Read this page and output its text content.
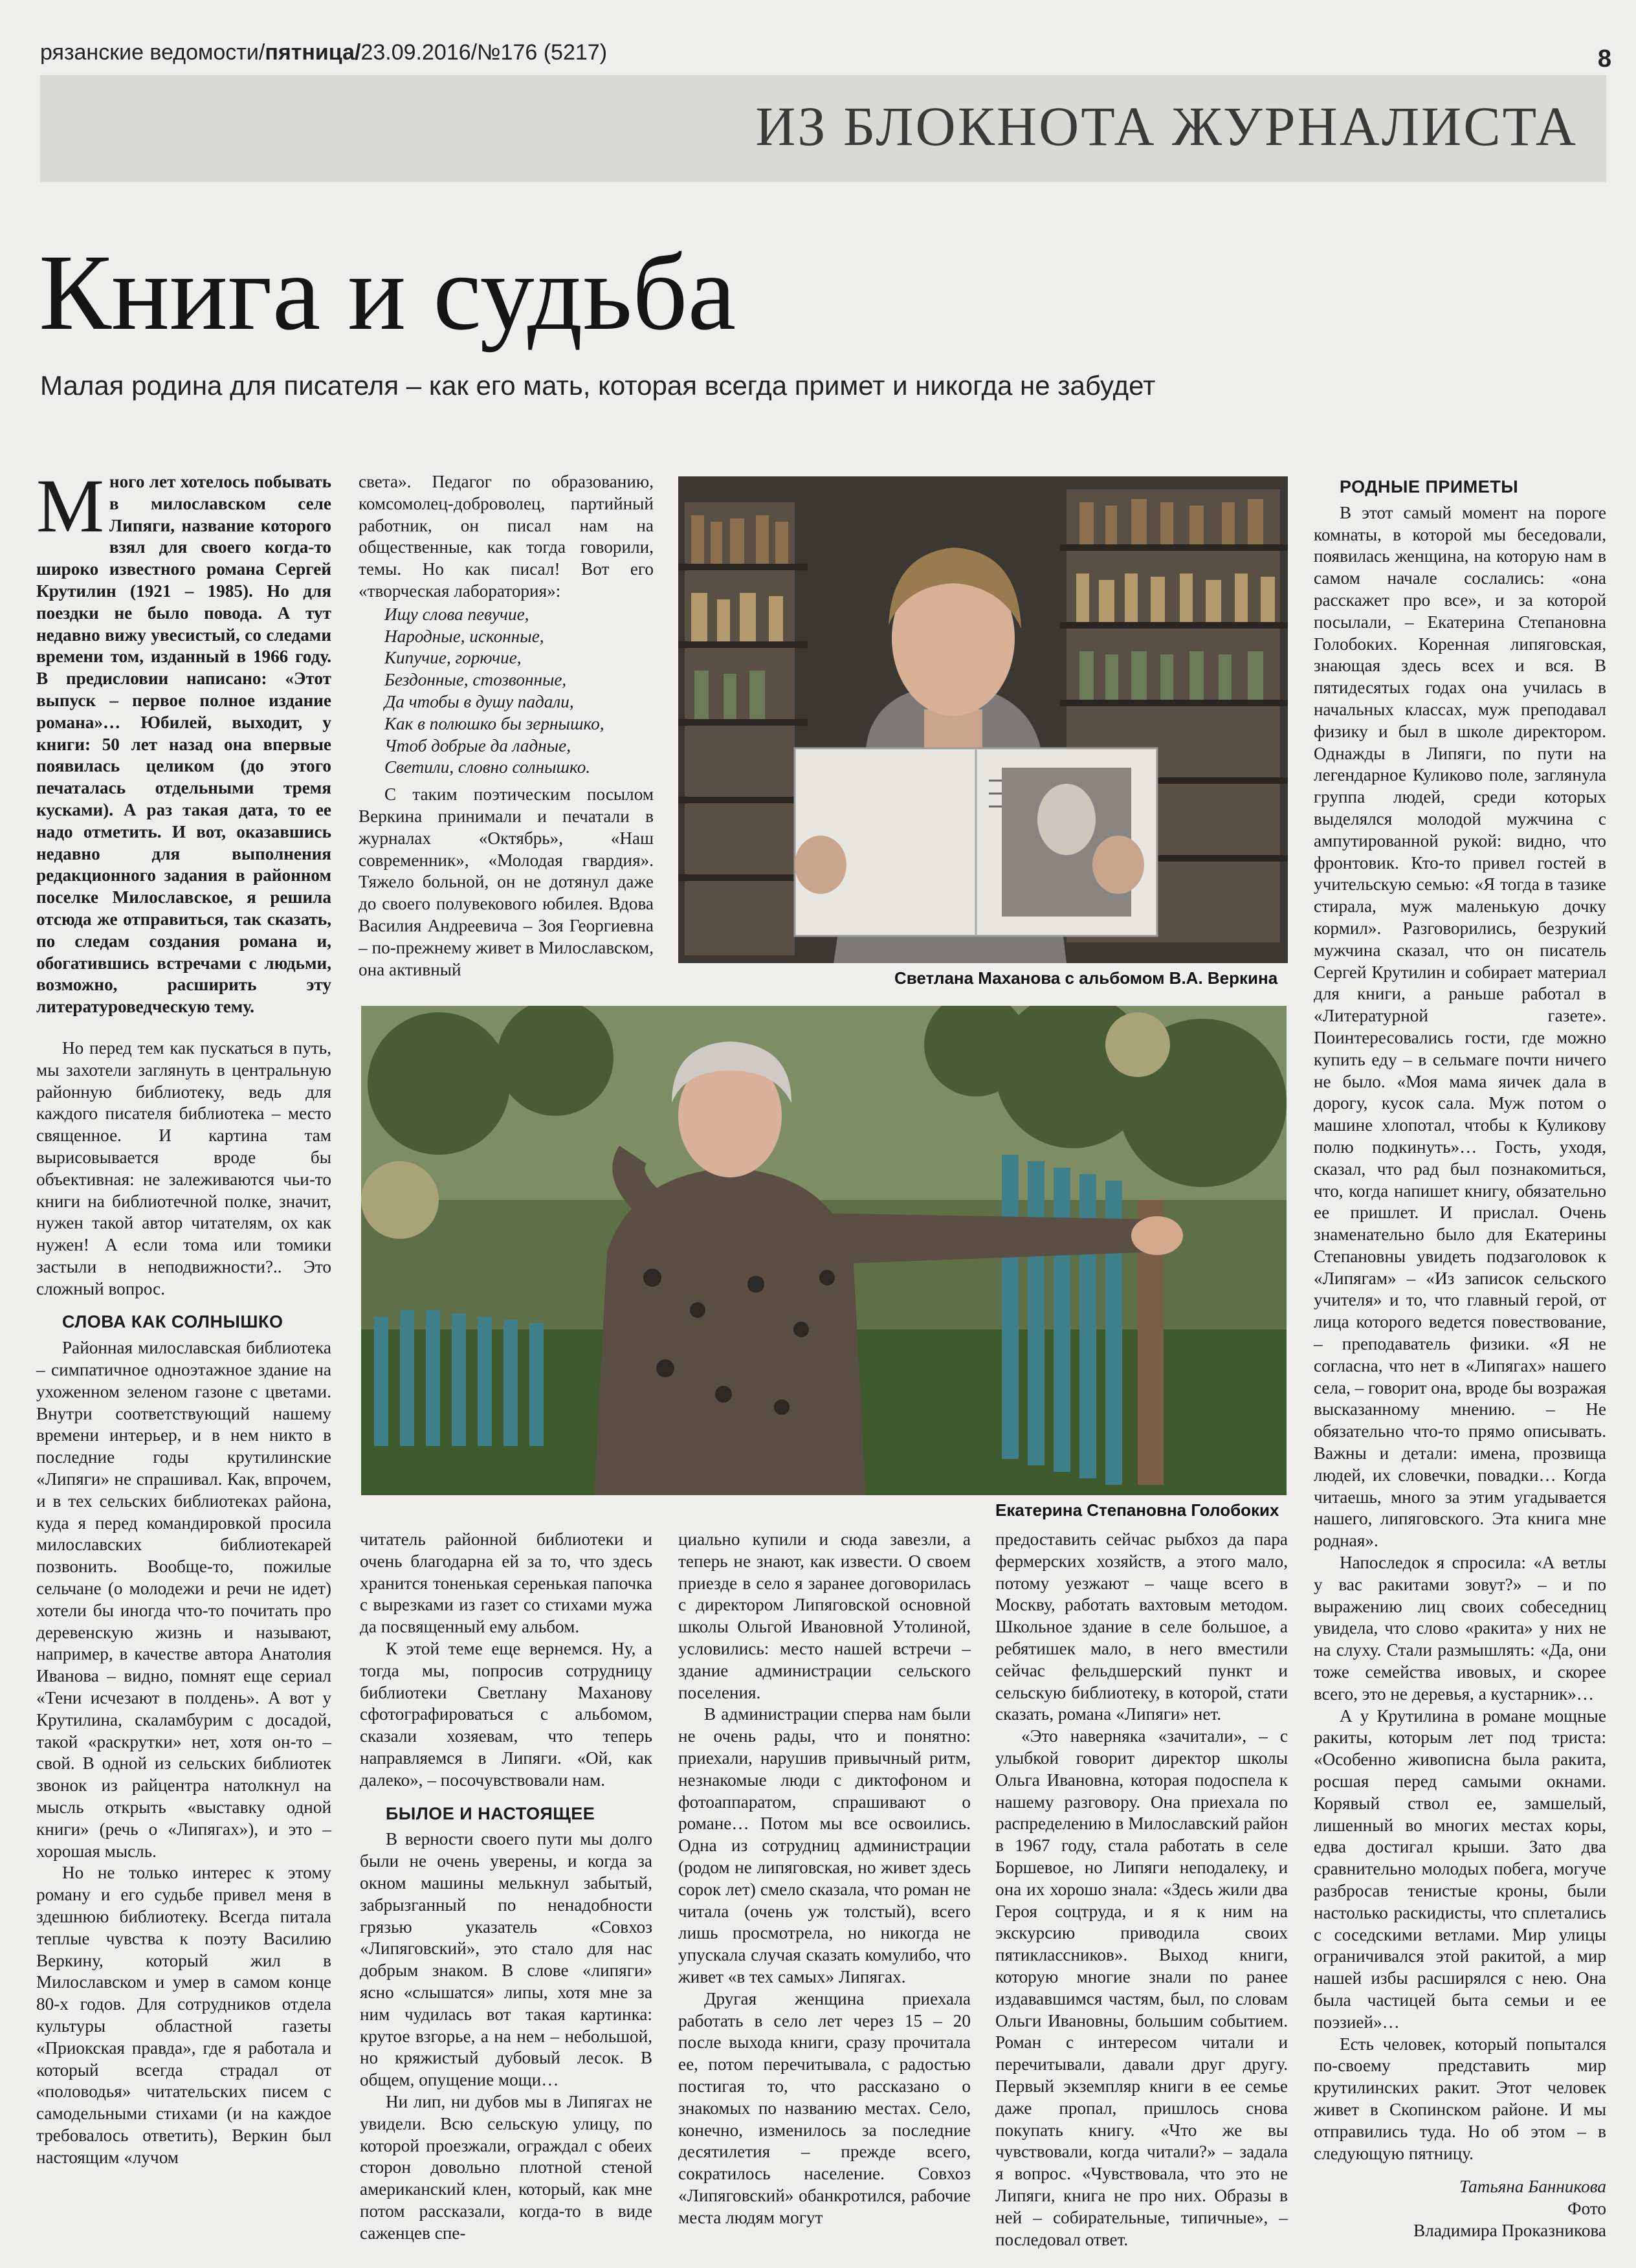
рязанские ведомости/пятница/23.09.2016/№176 (5217)	8
ИЗ БЛОКНОТА ЖУРНАЛИСТА
Книга и судьба
Малая родина для писателя – как его мать, которая всегда примет и никогда не забудет

Много лет хотелось побывать в милославском селе Липяги, название которого взял для своего когда-то широко известного романа Сергей Крутилин (1921 – 1985). Но для поездки не было повода. А тут недавно вижу увесистый, со следами времени том, изданный в 1966 году. В предисловии написано: «Этот выпуск – первое полное издание романа»… Юбилей, выходит, у книги: 50 лет назад она впервые появилась целиком (до этого печаталась отдельными тремя кусками). А раз такая дата, то ее надо отметить. И вот, оказавшись недавно для выполнения редакционного задания в районном поселке Милославское, я решила отсюда же отправиться, так сказать, по следам создания романа и, обогатившись встречами с людьми, возможно, расширить эту литературоведческую тему.

Но перед тем как пускаться в путь, мы захотели заглянуть в центральную районную библиотеку, ведь для каждого писателя библиотека – место священное. И картина там вырисовывается вроде бы объективная: не залеживаются чьи-то книги на библиотечной полке, значит, нужен такой автор читателям, ох как нужен! А если тома или томики застыли в неподвижности?.. Это сложный вопрос.

СЛОВА КАК СОЛНЫШКО

Районная милославская библиотека – симпатичное одноэтажное здание на ухоженном зеленом газоне с цветами. Внутри соответствующий нашему времени интерьер, и в нем никто в последние годы крутилинские «Липяги» не спрашивал. Как, впрочем, и в тех сельских библиотеках района, куда я перед командировкой просила милославских библиотекарей позвонить. Вообще-то, пожилые сельчане (о молодежи и речи не идет) хотели бы иногда что-то почитать про деревенскую жизнь и называют, например, в качестве автора Анатолия Иванова – видно, помнят еще сериал «Тени исчезают в полдень». А вот у Крутилина, скаламбурим с досадой, такой «раскрутки» нет, хотя он-то – свой. В одной из сельских библиотек звонок из райцентра натолкнул на мысль открыть «выставку одной книги» (речь о «Липягах»), и это – хорошая мысль.

Но не только интерес к этому роману и его судьбе привел меня в здешнюю библиотеку. Всегда питала теплые чувства к поэту Василию Веркину, который жил в Милославском и умер в самом конце 80-х годов. Для сотрудников отдела культуры областной газеты «Приокская правда», где я работала и который всегда страдал от «половодья» читательских писем с самодельными стихами (и на каждое требовалось ответить), Веркин был настоящим «лучом

света». Педагог по образованию, комсомолец-доброволец, партийный работник, он писал нам на общественные, как тогда говорили, темы. Но как писал! Вот его «творческая лаборатория»:

Ищу слова певучие,
Народные, исконные,
Кипучие, горючие,
Бездонные, стозвонные,
Да чтобы в душу падали,
Как в полюшко бы зернышко,
Чтоб добрые да ладные,
Светили, словно солнышко.

С таким поэтическим посылом Веркина принимали и печатали в журналах «Октябрь», «Наш современник», «Молодая гвардия». Тяжело больной, он не дотянул даже до своего полувекового юбилея. Вдова Василия Андреевича – Зоя Георгиевна – по-прежнему живет в Милославском, она активный	Светлана Маханова с альбомом В.А. Веркина
Екатерина Степановна Голобоких

читатель районной библиотеки и очень благодарна ей за то, что здесь хранится тоненькая серенькая папочка с вырезками из газет со стихами мужа да посвященный ему альбом.

К этой теме еще вернемся. Ну, а тогда мы, попросив сотрудницу библиотеки Светлану Маханову сфотографироваться с альбомом, сказали хозяевам, что теперь направляемся в Липяги. «Ой, как далеко», – посочувствовали нам.

БЫЛОЕ И НАСТОЯЩЕЕ

В верности своего пути мы долго были не очень уверены, и когда за окном машины мелькнул забытый, забрызганный по ненадобности грязью указатель «Совхоз «Липяговский», это стало для нас добрым знаком. В слове «липяги» ясно «слышатся» липы, хотя мне за ним чудилась вот такая картинка: крутое взгорье, а на нем – небольшой, но кряжистый дубовый лесок. В общем, опущение мощи…

Ни лип, ни дубов мы в Липягах не увидели. Всю сельскую улицу, по которой проезжали, ограждал с обеих сторон довольно плотной стеной американский клен, который, как мне потом рассказали, когда-то в виде саженцев спе-

циально купили и сюда завезли, а теперь не знают, как извести. О своем приезде в село я заранее договорилась с директором Липяговской основной школы Ольгой Ивановной Утолиной, условились: место нашей встречи – здание администрации сельского поселения.

В администрации сперва нам были не очень рады, что и понятно: приехали, нарушив привычный ритм, незнакомые люди с диктофоном и фотоаппаратом, спрашивают о романе… Потом мы все освоились. Одна из сотрудниц администрации (родом не липяговская, но живет здесь сорок лет) смело сказала, что роман не читала (очень уж толстый), всего лишь просмотрела, но никогда не упускала случая сказать комулибо, что живет «в тех самых» Липягах.

Другая женщина приехала работать в село лет через 15 – 20 после выхода книги, сразу прочитала ее, потом перечитывала, с радостью постигая то, что рассказано о знакомых по названию местах. Село, конечно, изменилось за последние десятилетия – прежде всего, сократилось население. Совхоз «Липяговский» обанкротился, рабочие места людям могут

предоставить сейчас рыбхоз да пара фермерских хозяйств, а этого мало, потому уезжают – чаще всего в Москву, работать вахтовым методом. Школьное здание в селе большое, а ребятишек мало, в него вместили сейчас фельдшерский пункт и сельскую библиотеку, в которой, стати сказать, романа «Липяги» нет.

«Это наверняка «зачитали», – с улыбкой говорит директор школы Ольга Ивановна, которая подоспела к нашему разговору. Она приехала по распределению в Милославский район в 1967 году, стала работать в селе Боршевое, но Липяги неподалеку, и она их хорошо знала: «Здесь жили два Героя соцтруда, и я к ним на экскурсию приводила своих пятиклассников». Выход книги, которую многие знали по ранее издававшимся частям, был, по словам Ольги Ивановны, большим событием. Роман с интересом читали и перечитывали, давали друг другу. Первый экземпляр книги в ее семье даже пропал, пришлось снова покупать книгу. «Что же вы чувствовали, когда читали?» – задала я вопрос. «Чувствовала, что это не Липяги, книга не про них. Образы в ней – собирательные, типичные», – последовал ответ.

РОДНЫЕ ПРИМЕТЫ

В этот самый момент на пороге комнаты, в которой мы беседовали, появилась женщина, на которую нам в самом начале сослались: «она расскажет про все», и за которой посылали, – Екатерина Степановна Голобоких. Коренная липяговская, знающая здесь всех и вся. В пятидесятых годах она училась в начальных классах, муж преподавал физику и был в школе директором. Однажды в Липяги, по пути на легендарное Куликово поле, заглянула группа людей, среди которых выделялся молодой мужчина с ампутированной рукой: видно, что фронтовик. Кто-то привел гостей в учительскую семью: «Я тогда в тазике стирала, муж маленькую дочку кормил». Разговорились, безрукий мужчина сказал, что он писатель Сергей Крутилин и собирает материал для книги, а раньше работал в «Литературной газете». Поинтересовались гости, где можно купить еду – в сельмаге почти ничего не было. «Моя мама яичек дала в дорогу, кусок сала. Муж потом о машине хлопотал, чтобы к Куликову полю подкинуть»… Гость, уходя, сказал, что рад был познакомиться, что, когда напишет книгу, обязательно ее пришлет. И прислал. Очень знаменательно было для Екатерины Степановны увидеть подзаголовок к «Липягам» – «Из записок сельского учителя» и то, что главный герой, от лица которого ведется повествование, – преподаватель физики. «Я не согласна, что нет в «Липягах» нашего села, – говорит она, вроде бы возражая высказанному мнению. – Не обязательно что-то прямо описывать. Важны и детали: имена, прозвища людей, их словечки, повадки… Когда читаешь, много за этим угадывается нашего, липяговского. Эта книга мне родная».

Напоследок я спросила: «А ветлы у вас ракитами зовут?» – и по выражению лиц своих собеседниц увидела, что слово «ракита» у них не на слуху. Стали размышлять: «Да, они тоже семейства ивовых, и скорее всего, это не деревья, а кустарник»…

А у Крутилина в романе мощные ракиты, которым лет под триста: «Особенно живописна была ракита, росшая перед самыми окнами. Корявый ствол ее, замшелый, лишенный во многих местах коры, едва достигал крыши. Зато два сравнительно молодых побега, могуче разбросав тенистые кроны, были настолько раскидисты, что сплетались с соседскими ветлами. Мир улицы ограничивался этой ракитой, а мир нашей избы расширялся с нею. Она была частицей быта семьи и ее поэзией»…

Есть человек, который попытался по-своему представить мир крутилинских ракит. Этот человек живет в Скопинском районе. И мы отправились туда. Но об этом – в следующую пятницу.

Татьяна Банникова
Фото
Владимира Проказникова
